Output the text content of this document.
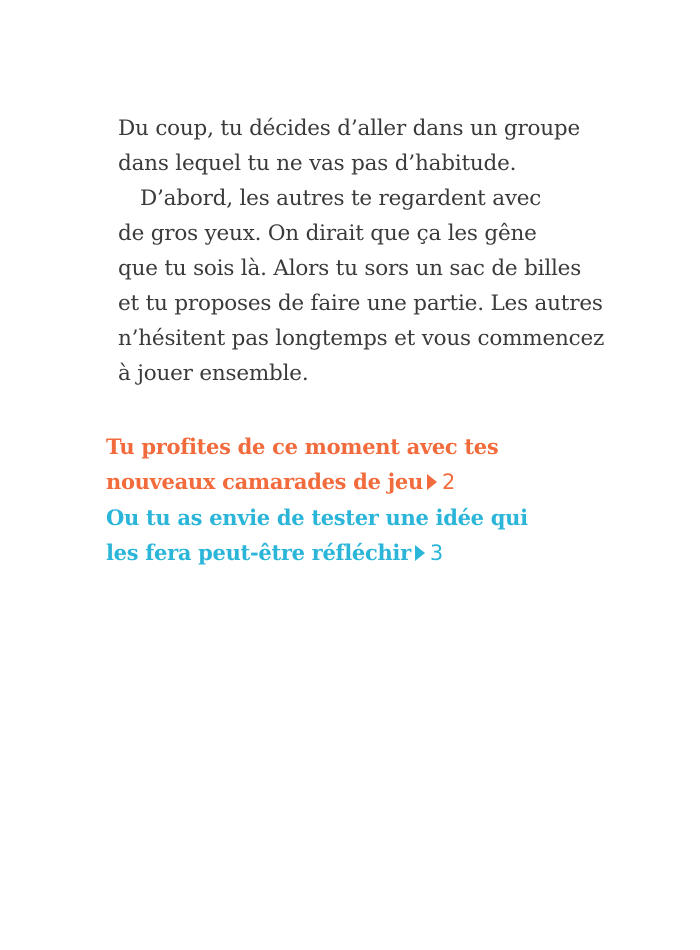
Du coup, tu décides d’aller dans un groupe
dans lequel tu ne vas pas d’habitude.
D’abord, les autres te regardent avec
de gros yeux. On dirait que ça les gêne
que tu sois là. Alors tu sors un sac de billes
et tu proposes de faire une partie. Les autres
n’hésitent pas longtemps et vous commencez
à jouer ensemble.
Tu profites de ce moment avec tes
nouveaux camarades de jeu 2
Ou tu as envie de tester une idée qui
les fera peut-être réfléchir 3
